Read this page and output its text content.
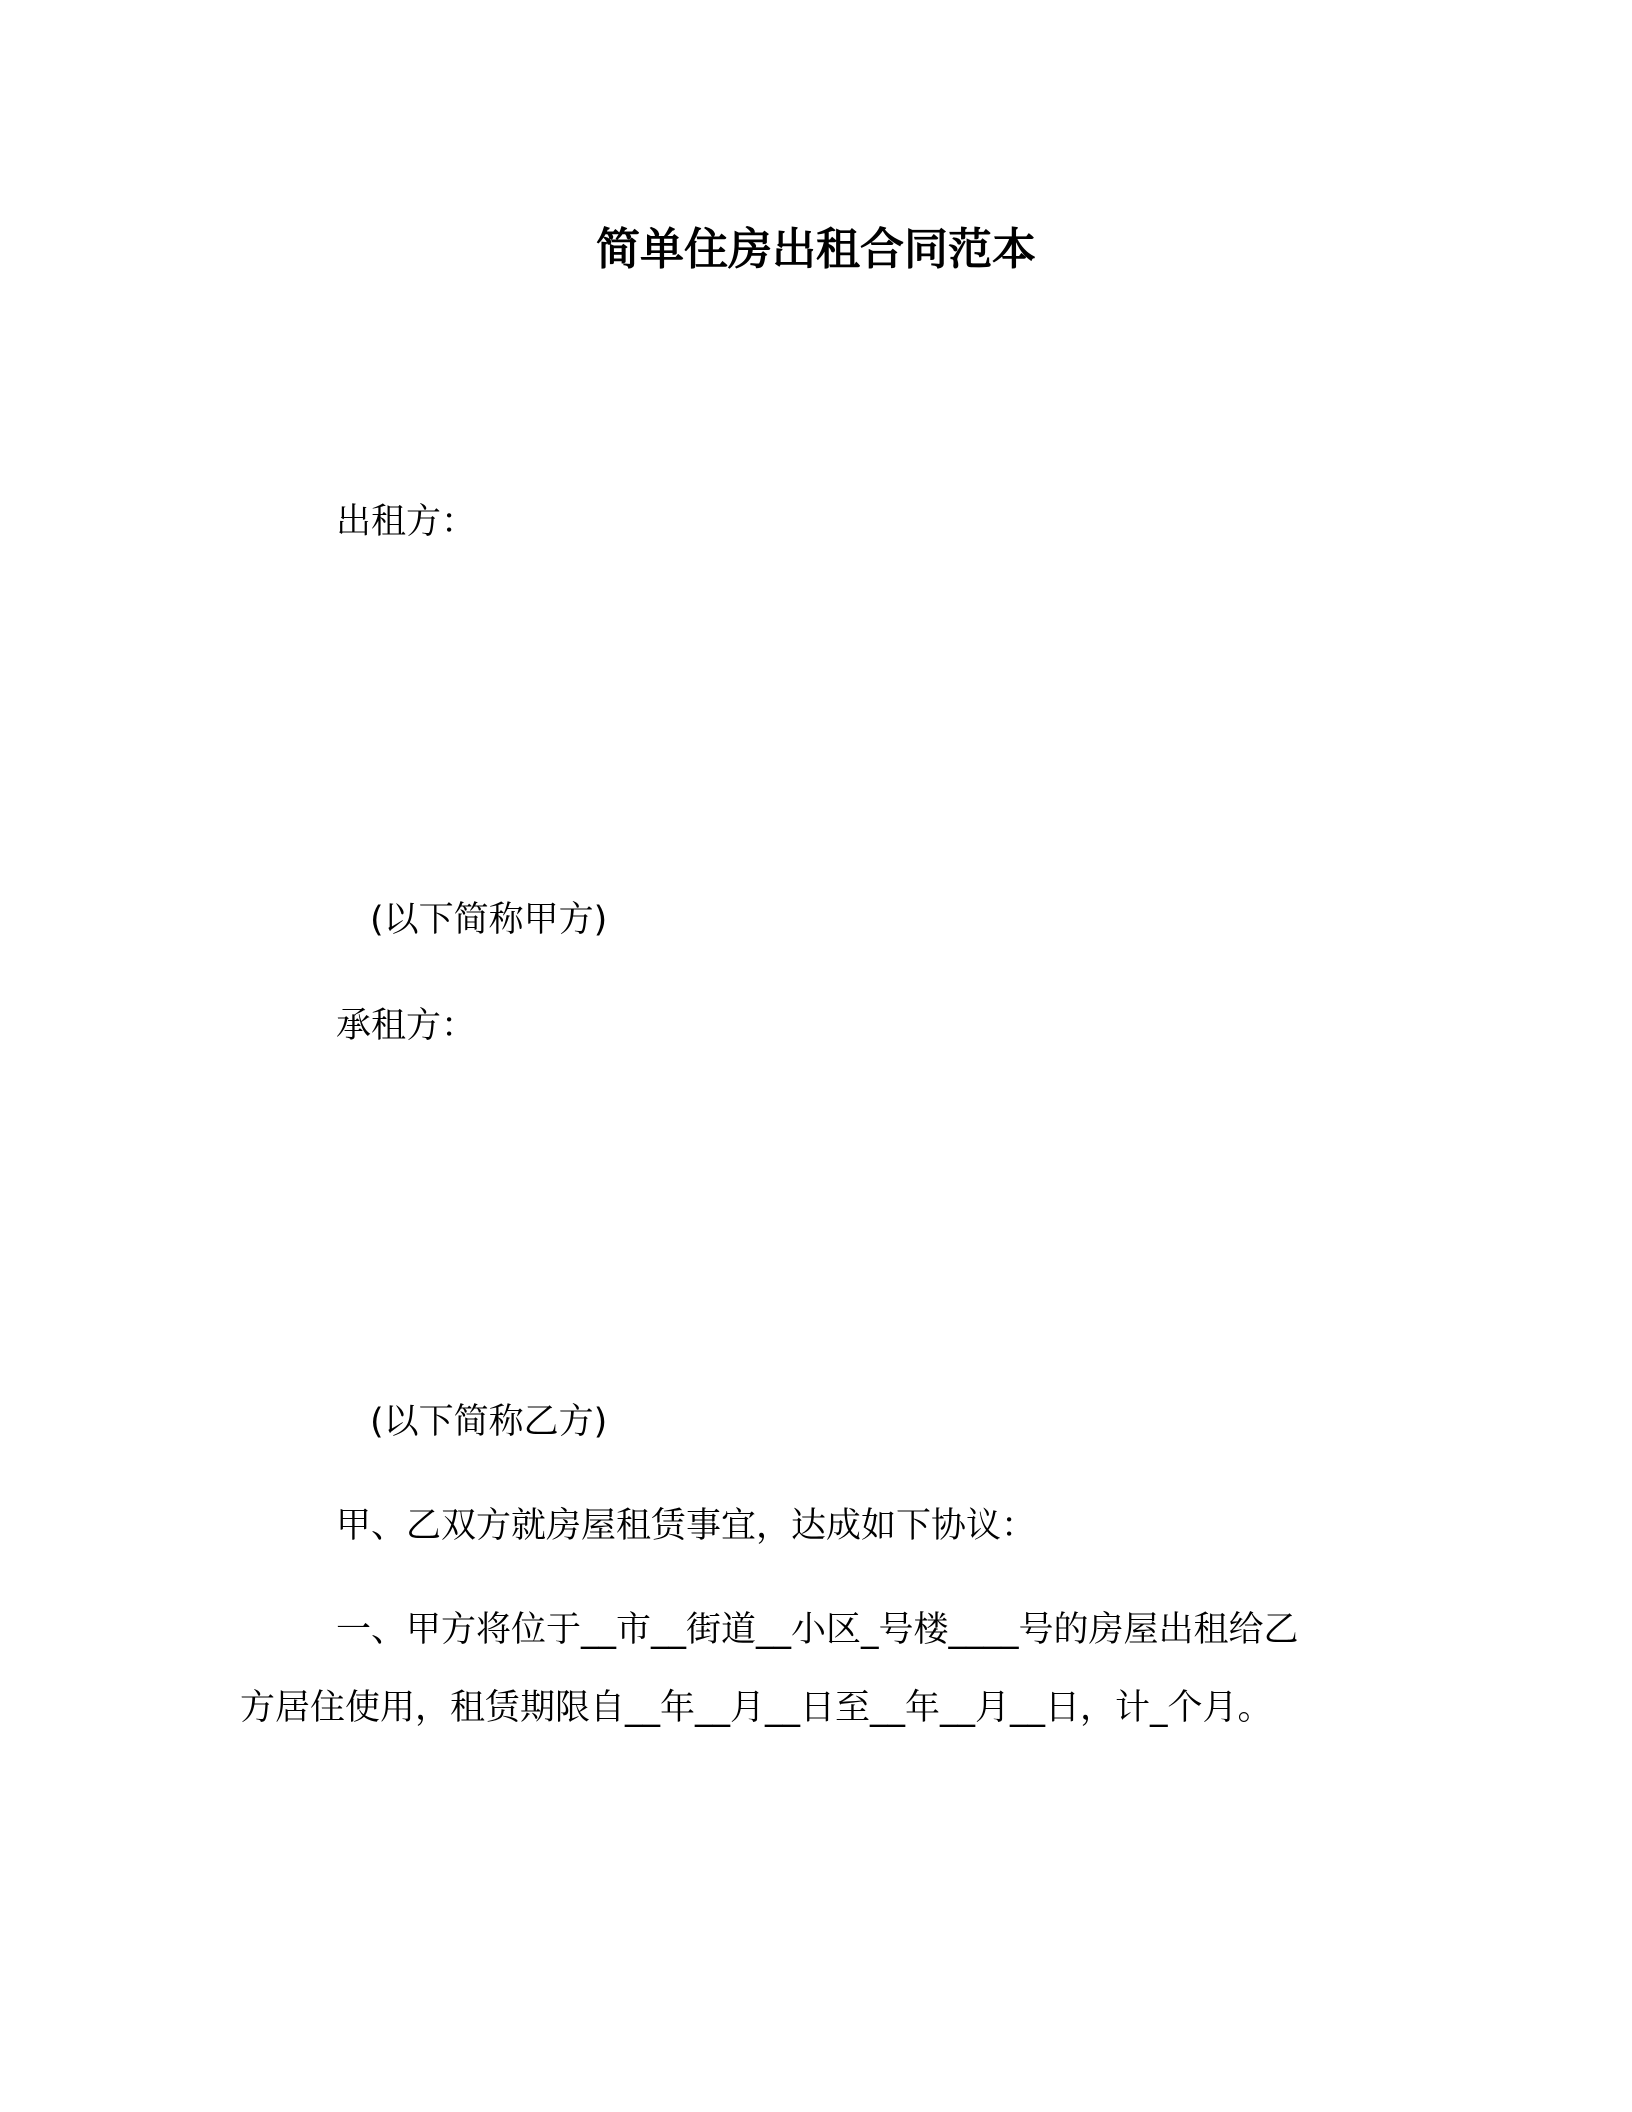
简单住房出租合同范本
出租方：
(以下简称甲方)
承租方：
(以下简称乙方)
甲、乙双方就房屋租赁事宜，达成如下协议：
一、甲方将位于__市__街道__小区_号楼____号的房屋出租给乙
方居住使用，租赁期限自__年__月__日至__年__月__日，计_个月。
